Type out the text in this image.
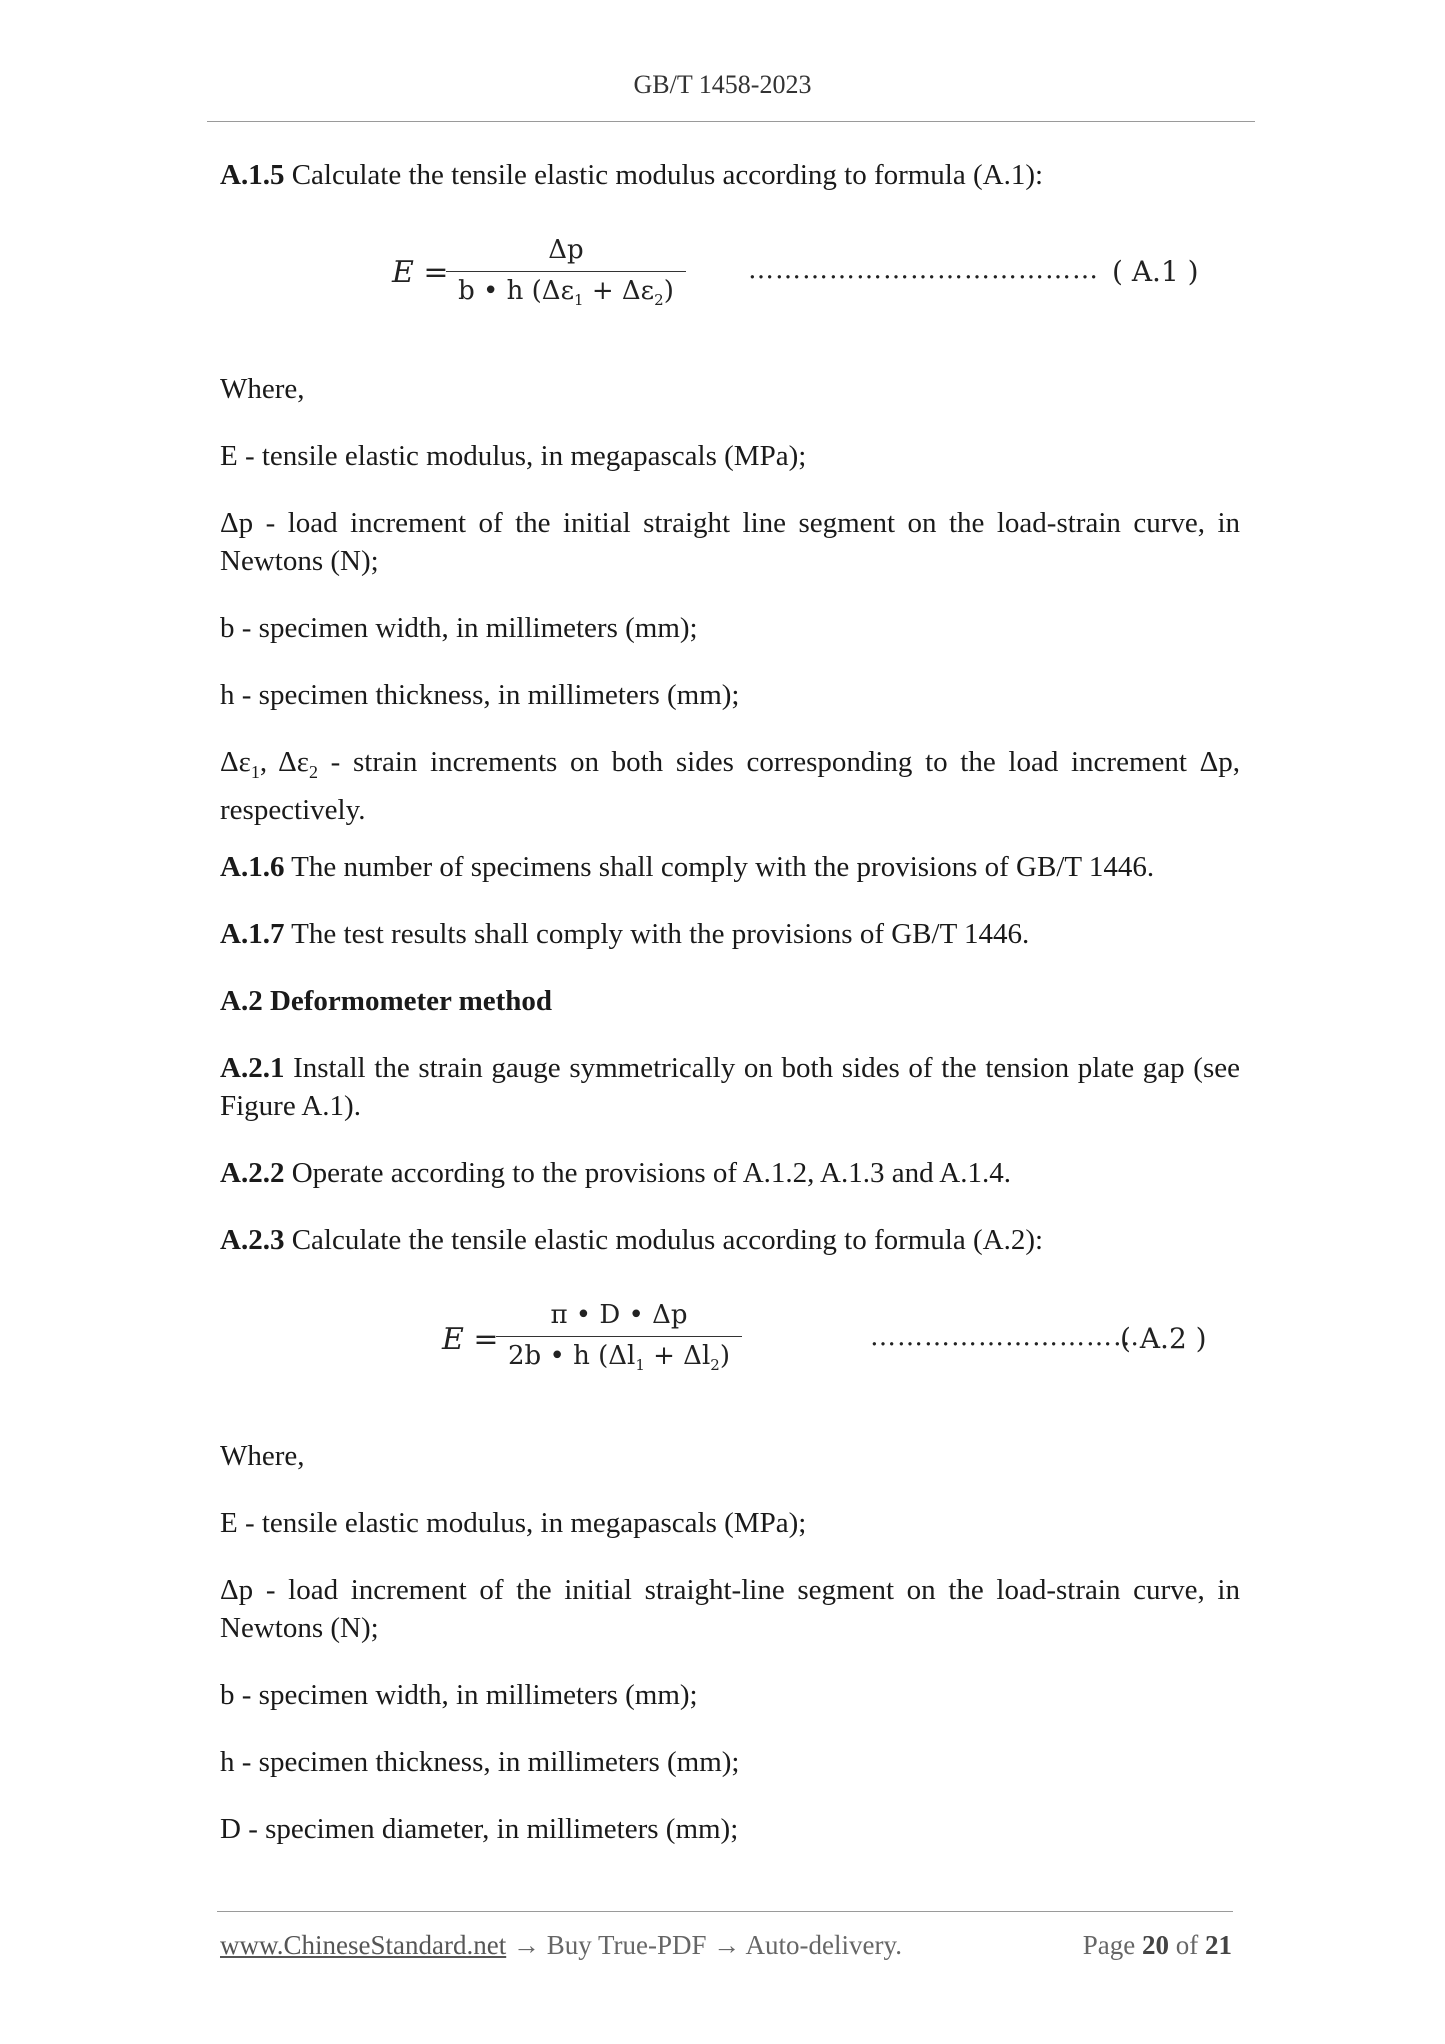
GB/T 1458-2023

A.1.5 Calculate the tensile elastic modulus according to formula (A.1):

E =
Δp
b • h $(\Delta\varepsilon_1 + \Delta\varepsilon_2)$
………………………………… ( A.1 )

Where,

E - tensile elastic modulus, in megapascals (MPa);

Δp - load increment of the initial straight line segment on the load-strain curve, in Newtons (N);

b - specimen width, in millimeters (mm);

h - specimen thickness, in millimeters (mm);

$\Delta\varepsilon_1$, $\Delta\varepsilon_2$ - strain increments on both sides corresponding to the load increment Δp, respectively.

A.1.6 The number of specimens shall comply with the provisions of GB/T 1446.

A.1.7 The test results shall comply with the provisions of GB/T 1446.

A.2 Deformometer method

A.2.1 Install the strain gauge symmetrically on both sides of the tension plate gap (see Figure A.1).

A.2.2 Operate according to the provisions of A.1.2, A.1.3 and A.1.4.

A.2.3 Calculate the tensile elastic modulus according to formula (A.2):

E =
π • D • Δp
2b • h $(\Delta l_1 + \Delta l_2)$
…………………………
( A.2 )

Where,

E - tensile elastic modulus, in megapascals (MPa);

Δp - load increment of the initial straight-line segment on the load-strain curve, in Newtons (N);

b - specimen width, in millimeters (mm);

h - specimen thickness, in millimeters (mm);

D - specimen diameter, in millimeters (mm);

www.ChineseStandard.net → Buy True-PDF → Auto-delivery.	Page 20 of 21
